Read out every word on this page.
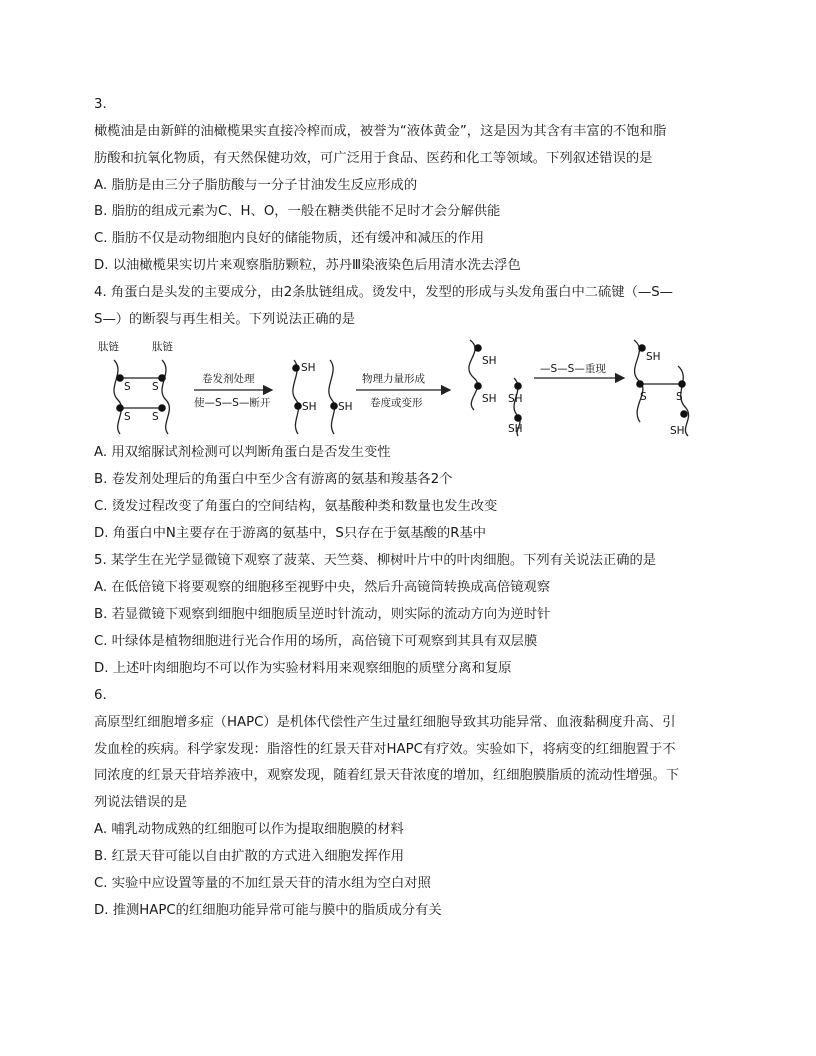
3.
橄榄油是由新鲜的油橄榄果实直接冷榨而成，被誉为“液体黄金”，这是因为其含有丰富的不饱和脂
肪酸和抗氧化物质，有天然保健功效，可广泛用于食品、医药和化工等领域。下列叙述错误的是
A. 脂肪是由三分子脂肪酸与一分子甘油发生反应形成的
B. 脂肪的组成元素为C、H、O，一般在糖类供能不足时才会分解供能
C. 脂肪不仅是动物细胞内良好的储能物质，还有缓冲和减压的作用
D. 以油橄榄果实切片来观察脂肪颗粒，苏丹Ⅲ染液染色后用清水洗去浮色
4. 角蛋白是头发的主要成分，由2条肽链组成。烫发中，发型的形成与头发角蛋白中二硫键（—S—
S—）的断裂与再生相关。下列说法正确的是
肽链	肽链
S S
S S
卷发剂处理
使—S—S—断开
SH
SH SH
物理力量形成
卷度或变形
SH
SH SH
SH
—S—S—重现
SH
S	S
SH
A. 用双缩脲试剂检测可以判断角蛋白是否发生变性
B. 卷发剂处理后的角蛋白中至少含有游离的氨基和羧基各2个
C. 烫发过程改变了角蛋白的空间结构，氨基酸种类和数量也发生改变
D. 角蛋白中N主要存在于游离的氨基中，S只存在于氨基酸的R基中
5. 某学生在光学显微镜下观察了菠菜、天竺葵、柳树叶片中的叶肉细胞。下列有关说法正确的是
A. 在低倍镜下将要观察的细胞移至视野中央，然后升高镜筒转换成高倍镜观察
B. 若显微镜下观察到细胞中细胞质呈逆时针流动，则实际的流动方向为逆时针
C. 叶绿体是植物细胞进行光合作用的场所，高倍镜下可观察到其具有双层膜
D. 上述叶肉细胞均不可以作为实验材料用来观察细胞的质壁分离和复原
6.
高原型红细胞增多症（HAPC）是机体代偿性产生过量红细胞导致其功能异常、血液黏稠度升高、引
发血栓的疾病。科学家发现：脂溶性的红景天苷对HAPC有疗效。实验如下，将病变的红细胞置于不
同浓度的红景天苷培养液中，观察发现，随着红景天苷浓度的增加，红细胞膜脂质的流动性增强。下
列说法错误的是
A. 哺乳动物成熟的红细胞可以作为提取细胞膜的材料
B. 红景天苷可能以自由扩散的方式进入细胞发挥作用
C. 实验中应设置等量的不加红景天苷的清水组为空白对照
D. 推测HAPC的红细胞功能异常可能与膜中的脂质成分有关
